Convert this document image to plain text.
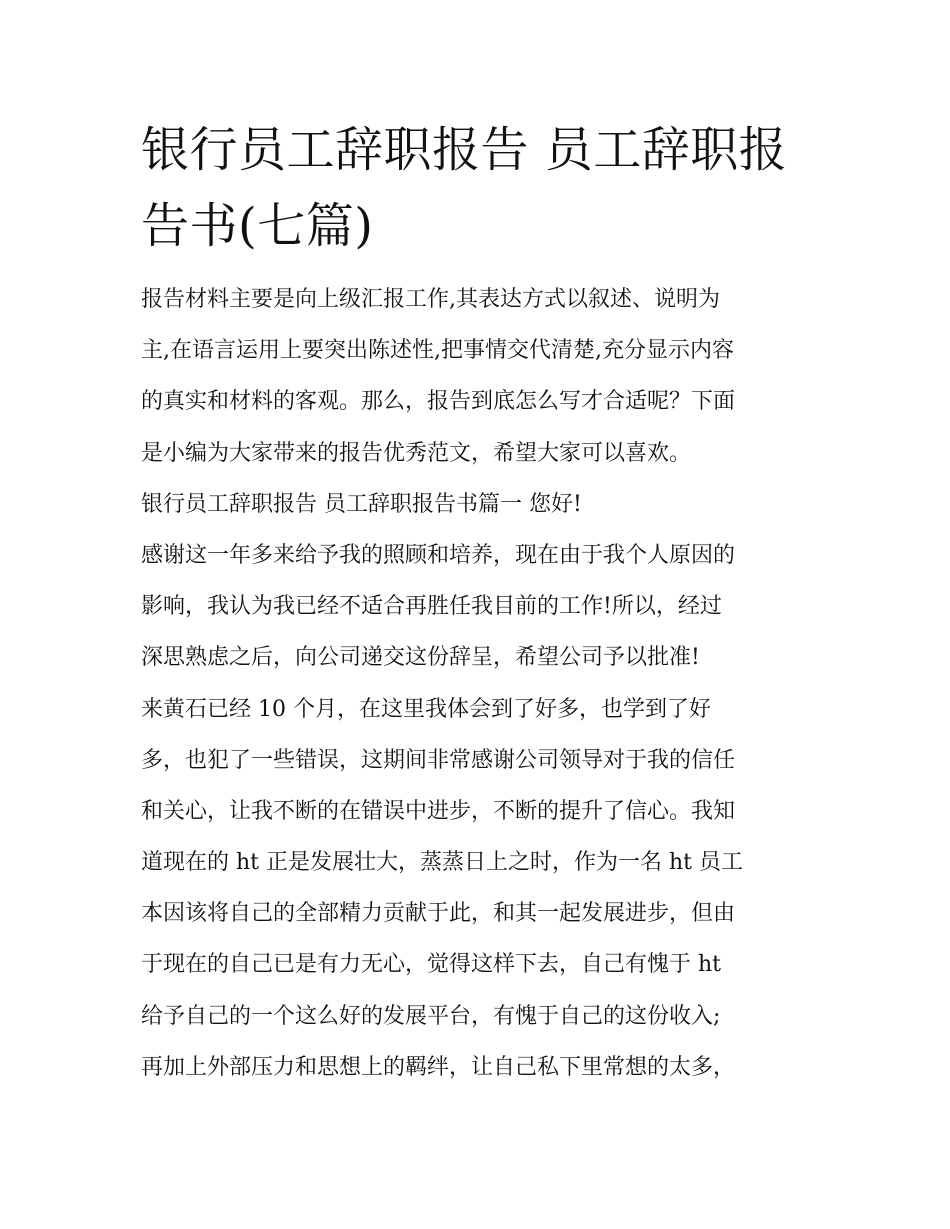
银行员工辞职报告 员工辞职报
告书(七篇)
报告材料主要是向上级汇报工作,其表达方式以叙述、说明为
主,在语言运用上要突出陈述性,把事情交代清楚,充分显示内容
的真实和材料的客观。那么，报告到底怎么写才合适呢？下面
是小编为大家带来的报告优秀范文，希望大家可以喜欢。
银行员工辞职报告 员工辞职报告书篇一 您好!
感谢这一年多来给予我的照顾和培养，现在由于我个人原因的
影响，我认为我已经不适合再胜任我目前的工作!所以，经过
深思熟虑之后，向公司递交这份辞呈，希望公司予以批准!
来黄石已经 10 个月，在这里我体会到了好多，也学到了好
多，也犯了一些错误，这期间非常感谢公司领导对于我的信任
和关心，让我不断的在错误中进步，不断的提升了信心。我知
道现在的 ht 正是发展壮大，蒸蒸日上之时，作为一名 ht 员工
本因该将自己的全部精力贡献于此，和其一起发展进步，但由
于现在的自己已是有力无心，觉得这样下去，自己有愧于 ht
给予自己的一个这么好的发展平台，有愧于自己的这份收入;
再加上外部压力和思想上的羁绊，让自己私下里常想的太多，
